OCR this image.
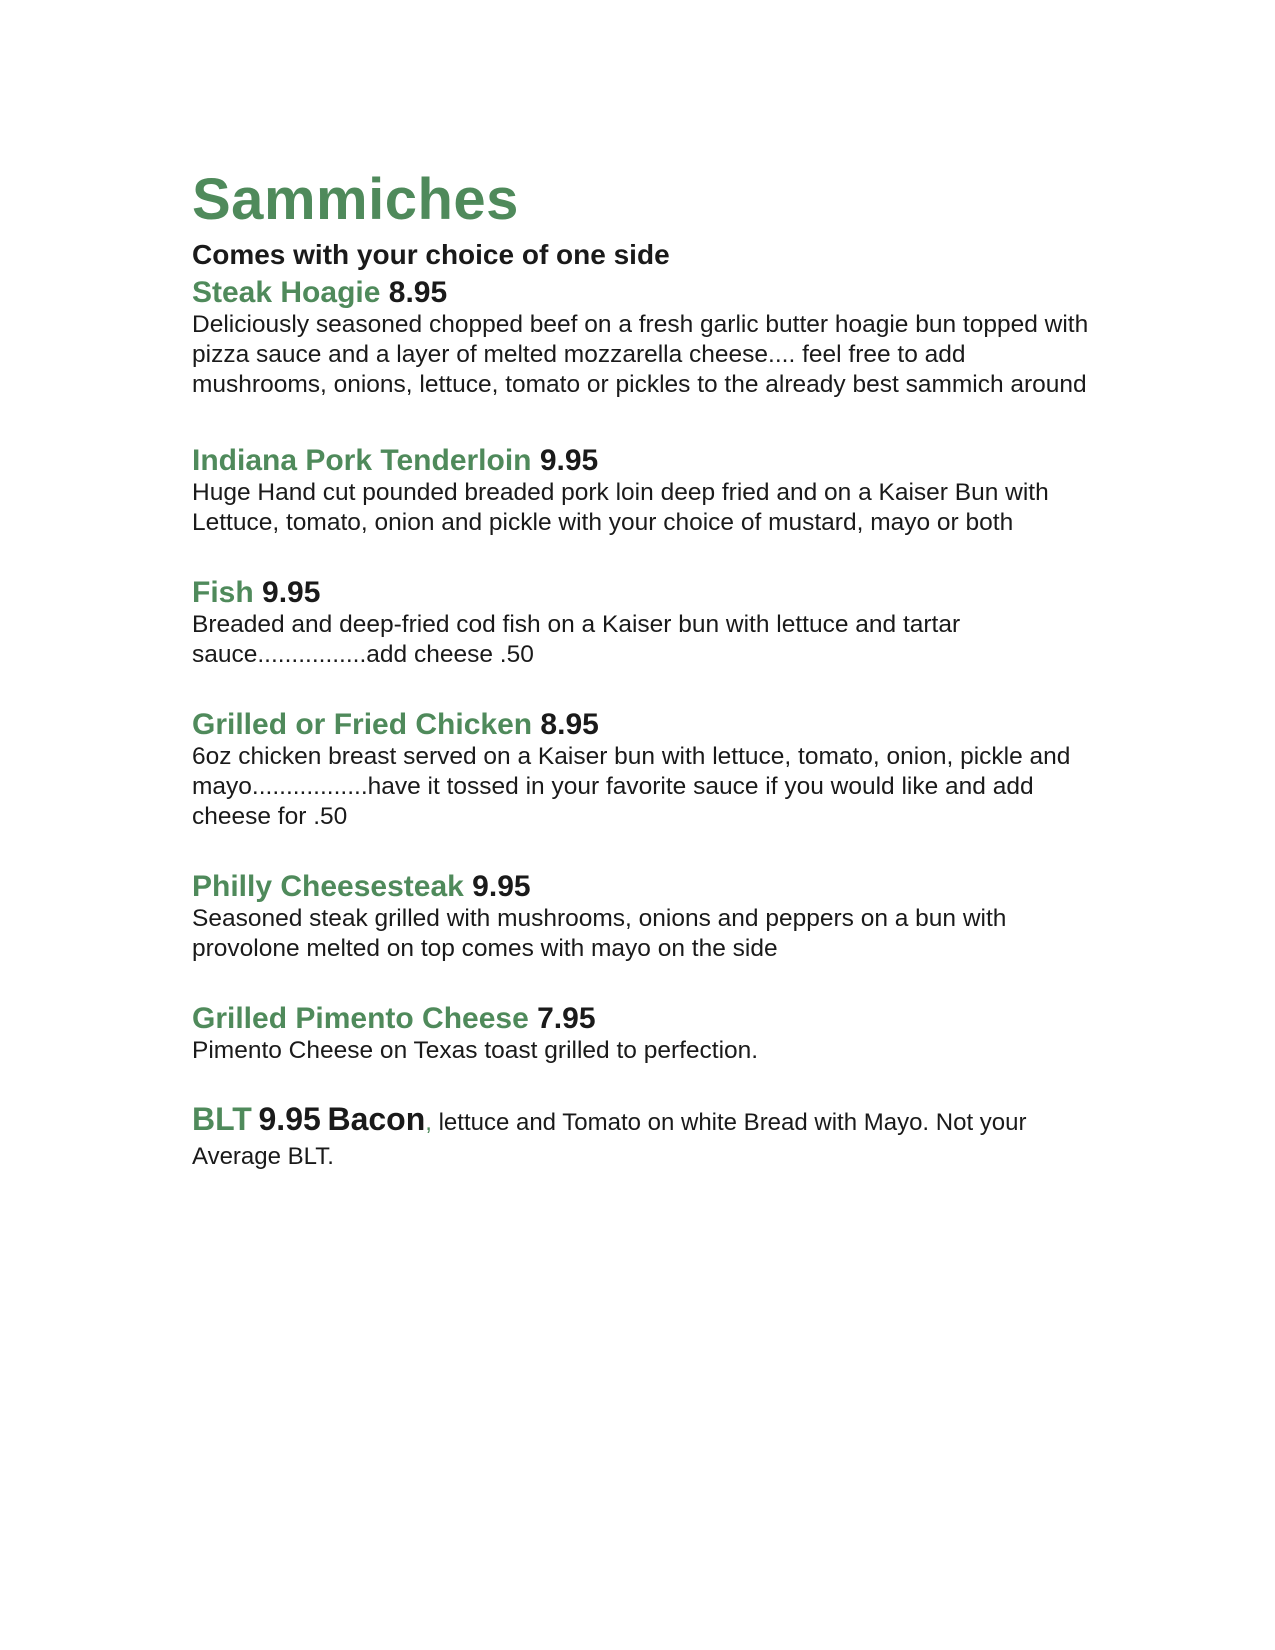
Sammiches

Comes with your choice of one side

Steak Hoagie 8.95

Deliciously seasoned chopped beef on a fresh garlic butter hoagie bun topped with pizza sauce and a layer of melted mozzarella cheese.... feel free to add mushrooms, onions, lettuce, tomato or pickles to the already best sammich around

Indiana Pork Tenderloin 9.95

Huge Hand cut pounded breaded pork loin deep fried and on a Kaiser Bun with Lettuce, tomato, onion and pickle with your choice of mustard, mayo or both

Fish 9.95

Breaded and deep-fried cod fish on a Kaiser bun with lettuce and tartar sauce................add cheese .50

Grilled or Fried Chicken 8.95

6oz chicken breast served on a Kaiser bun with lettuce, tomato, onion, pickle and mayo.................have it tossed in your favorite sauce if you would like and add cheese for .50

Philly Cheesesteak 9.95

Seasoned steak grilled with mushrooms, onions and peppers on a bun with provolone melted on top comes with mayo on the side

Grilled Pimento Cheese 7.95

Pimento Cheese on Texas toast grilled to perfection.

BLT 9.95 Bacon, lettuce and Tomato on white Bread with Mayo. Not your Average BLT.
